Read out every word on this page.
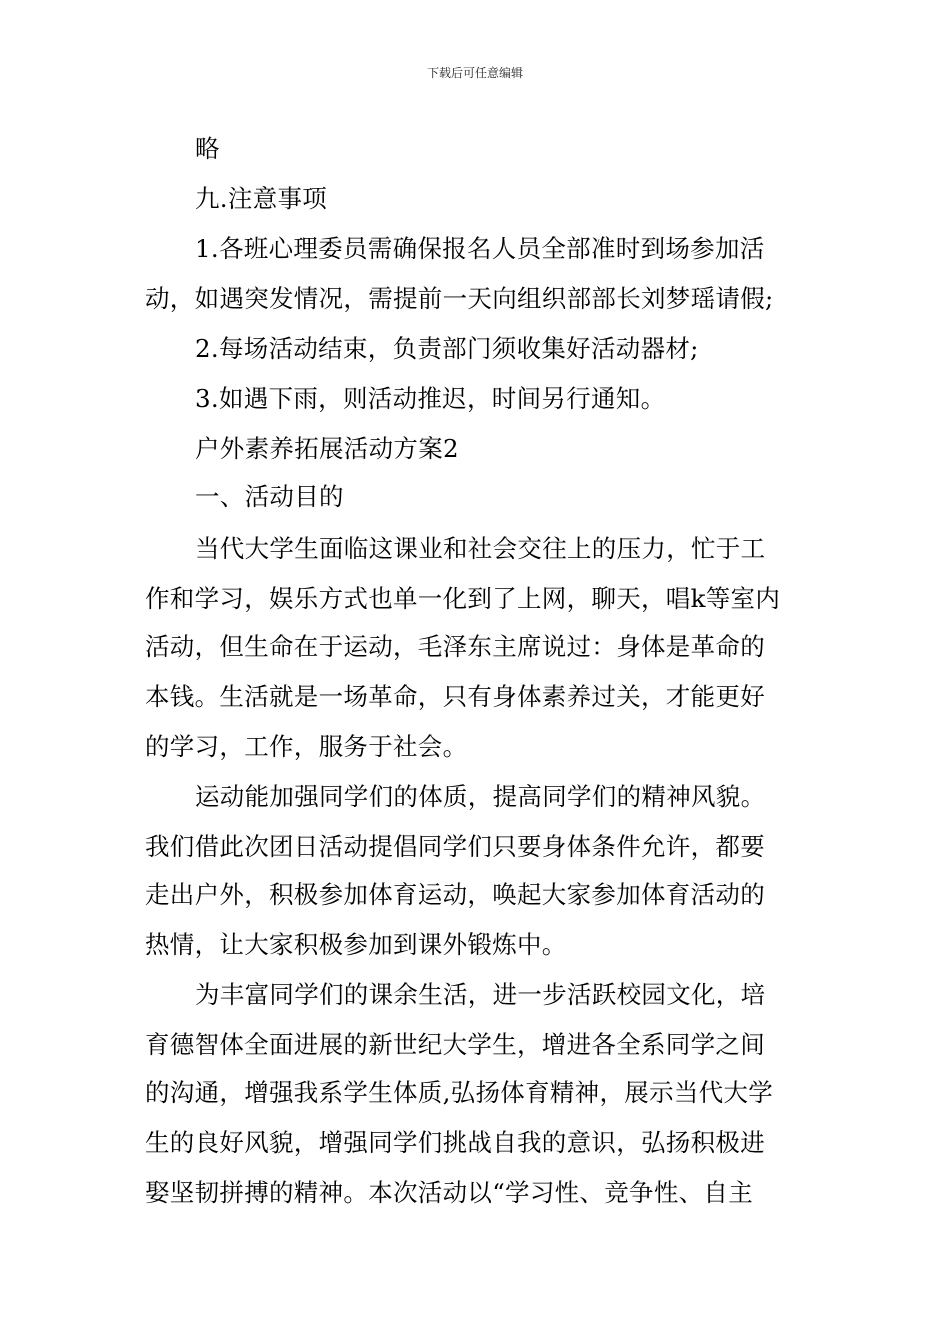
下载后可任意编辑
略
九.注意事项
1.各班心理委员需确保报名人员全部准时到场参加活
动，如遇突发情况，需提前一天向组织部部长刘梦瑶请假;
2.每场活动结束，负责部门须收集好活动器材;
3.如遇下雨，则活动推迟，时间另行通知。
户外素养拓展活动方案2
一、活动目的
当代大学生面临这课业和社会交往上的压力，忙于工
作和学习，娱乐方式也单一化到了上网，聊天，唱k等室内
活动，但生命在于运动，毛泽东主席说过：身体是革命的
本钱。生活就是一场革命，只有身体素养过关，才能更好
的学习，工作，服务于社会。
运动能加强同学们的体质，提高同学们的精神风貌。
我们借此次团日活动提倡同学们只要身体条件允许，都要
走出户外，积极参加体育运动，唤起大家参加体育活动的
热情，让大家积极参加到课外锻炼中。
为丰富同学们的课余生活，进一步活跃校园文化，培
育德智体全面进展的新世纪大学生，增进各全系同学之间
的沟通，增强我系学生体质,弘扬体育精神，展示当代大学
生的良好风貌，增强同学们挑战自我的意识，弘扬积极进
娶坚韧拼搏的精神。本次活动以“学习性、竞争性、自主
